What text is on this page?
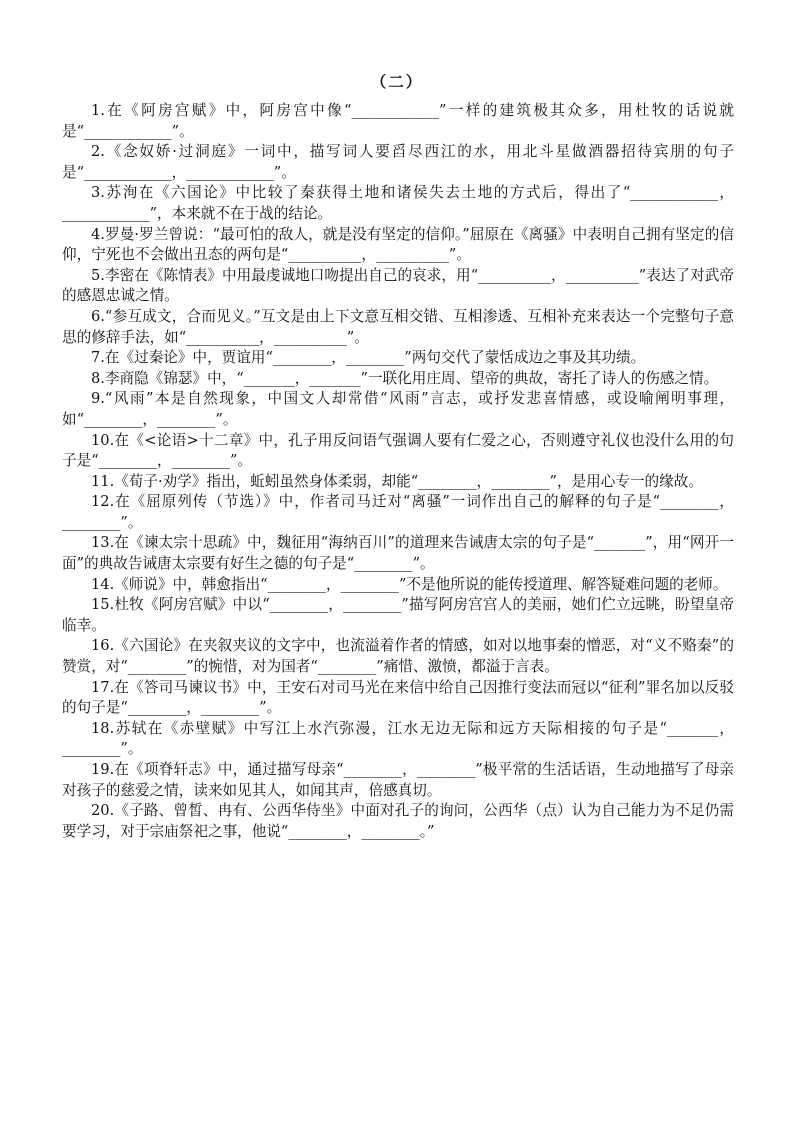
（二）

1.在《阿房宫赋》中，阿房宫中像“____________”一样的建筑极其众多，用杜牧的话说就是“____________”。

2.《念奴娇·过洞庭》一词中，描写词人要舀尽西江的水，用北斗星做酒器招待宾朋的句子是“____________，____________”。

3.苏洵在《六国论》中比较了秦获得土地和诸侯失去土地的方式后，得出了“____________，____________”，本来就不在于战的结论。

4.罗曼·罗兰曾说：“最可怕的敌人，就是没有坚定的信仰。”屈原在《离骚》中表明自己拥有坚定的信仰，宁死也不会做出丑态的两句是“__________，__________”。

5.李密在《陈情表》中用最虔诚地口吻提出自己的哀求，用“__________，__________”表达了对武帝的感恩忠诚之情。

6.“参互成文，合而见义。”互文是由上下文意互相交错、互相渗透、互相补充来表达一个完整句子意思的修辞手法，如“__________，__________”。

7.在《过秦论》中，贾谊用“________，________”两句交代了蒙恬成边之事及其功绩。

8.李商隐《锦瑟》中，“_______，_______”一联化用庄周、望帝的典故，寄托了诗人的伤感之情。

9.“风雨”本是自然现象，中国文人却常借“风雨”言志，或抒发悲喜情感，或设喻阐明事理，如“________，________”。

10.在《<论语>十二章》中，孔子用反问语气强调人要有仁爱之心，否则遵守礼仪也没什么用的句子是“________，________”。

11.《荀子·劝学》指出，蚯蚓虽然身体柔弱，却能“________，________”，是用心专一的缘故。

12.在《屈原列传（节选）》中，作者司马迁对“离骚”一词作出自己的解释的句子是“________，________”。

13.在《谏太宗十思疏》中，魏征用“海纳百川”的道理来告诫唐太宗的句子是“_______”，用“网开一面”的典故告诫唐太宗要有好生之德的句子是“________”。

14.《师说》中，韩愈指出“________，________”不是他所说的能传授道理、解答疑难问题的老师。

15.杜牧《阿房宫赋》中以“________，________”描写阿房宫宫人的美丽，她们伫立远眺，盼望皇帝临幸。

16.《六国论》在夹叙夹议的文字中，也流溢着作者的情感，如对以地事秦的憎恶，对“义不赂秦”的赞赏，对“________”的惋惜，对为国者“________”痛惜、激愤，都溢于言表。

17.在《答司马谏议书》中，王安石对司马光在来信中给自己因推行变法而冠以“征利”罪名加以反驳的句子是“________，________”。

18.苏轼在《赤壁赋》中写江上水汽弥漫，江水无边无际和远方天际相接的句子是“_______，________”。

19.在《项脊轩志》中，通过描写母亲“________，________”极平常的生活话语，生动地描写了母亲对孩子的慈爱之情，读来如见其人，如闻其声，倍感真切。

20.《子路、曾皙、冉有、公西华侍坐》中面对孔子的询问，公西华（点）认为自己能力为不足仍需要学习，对于宗庙祭祀之事，他说“________，________。”
